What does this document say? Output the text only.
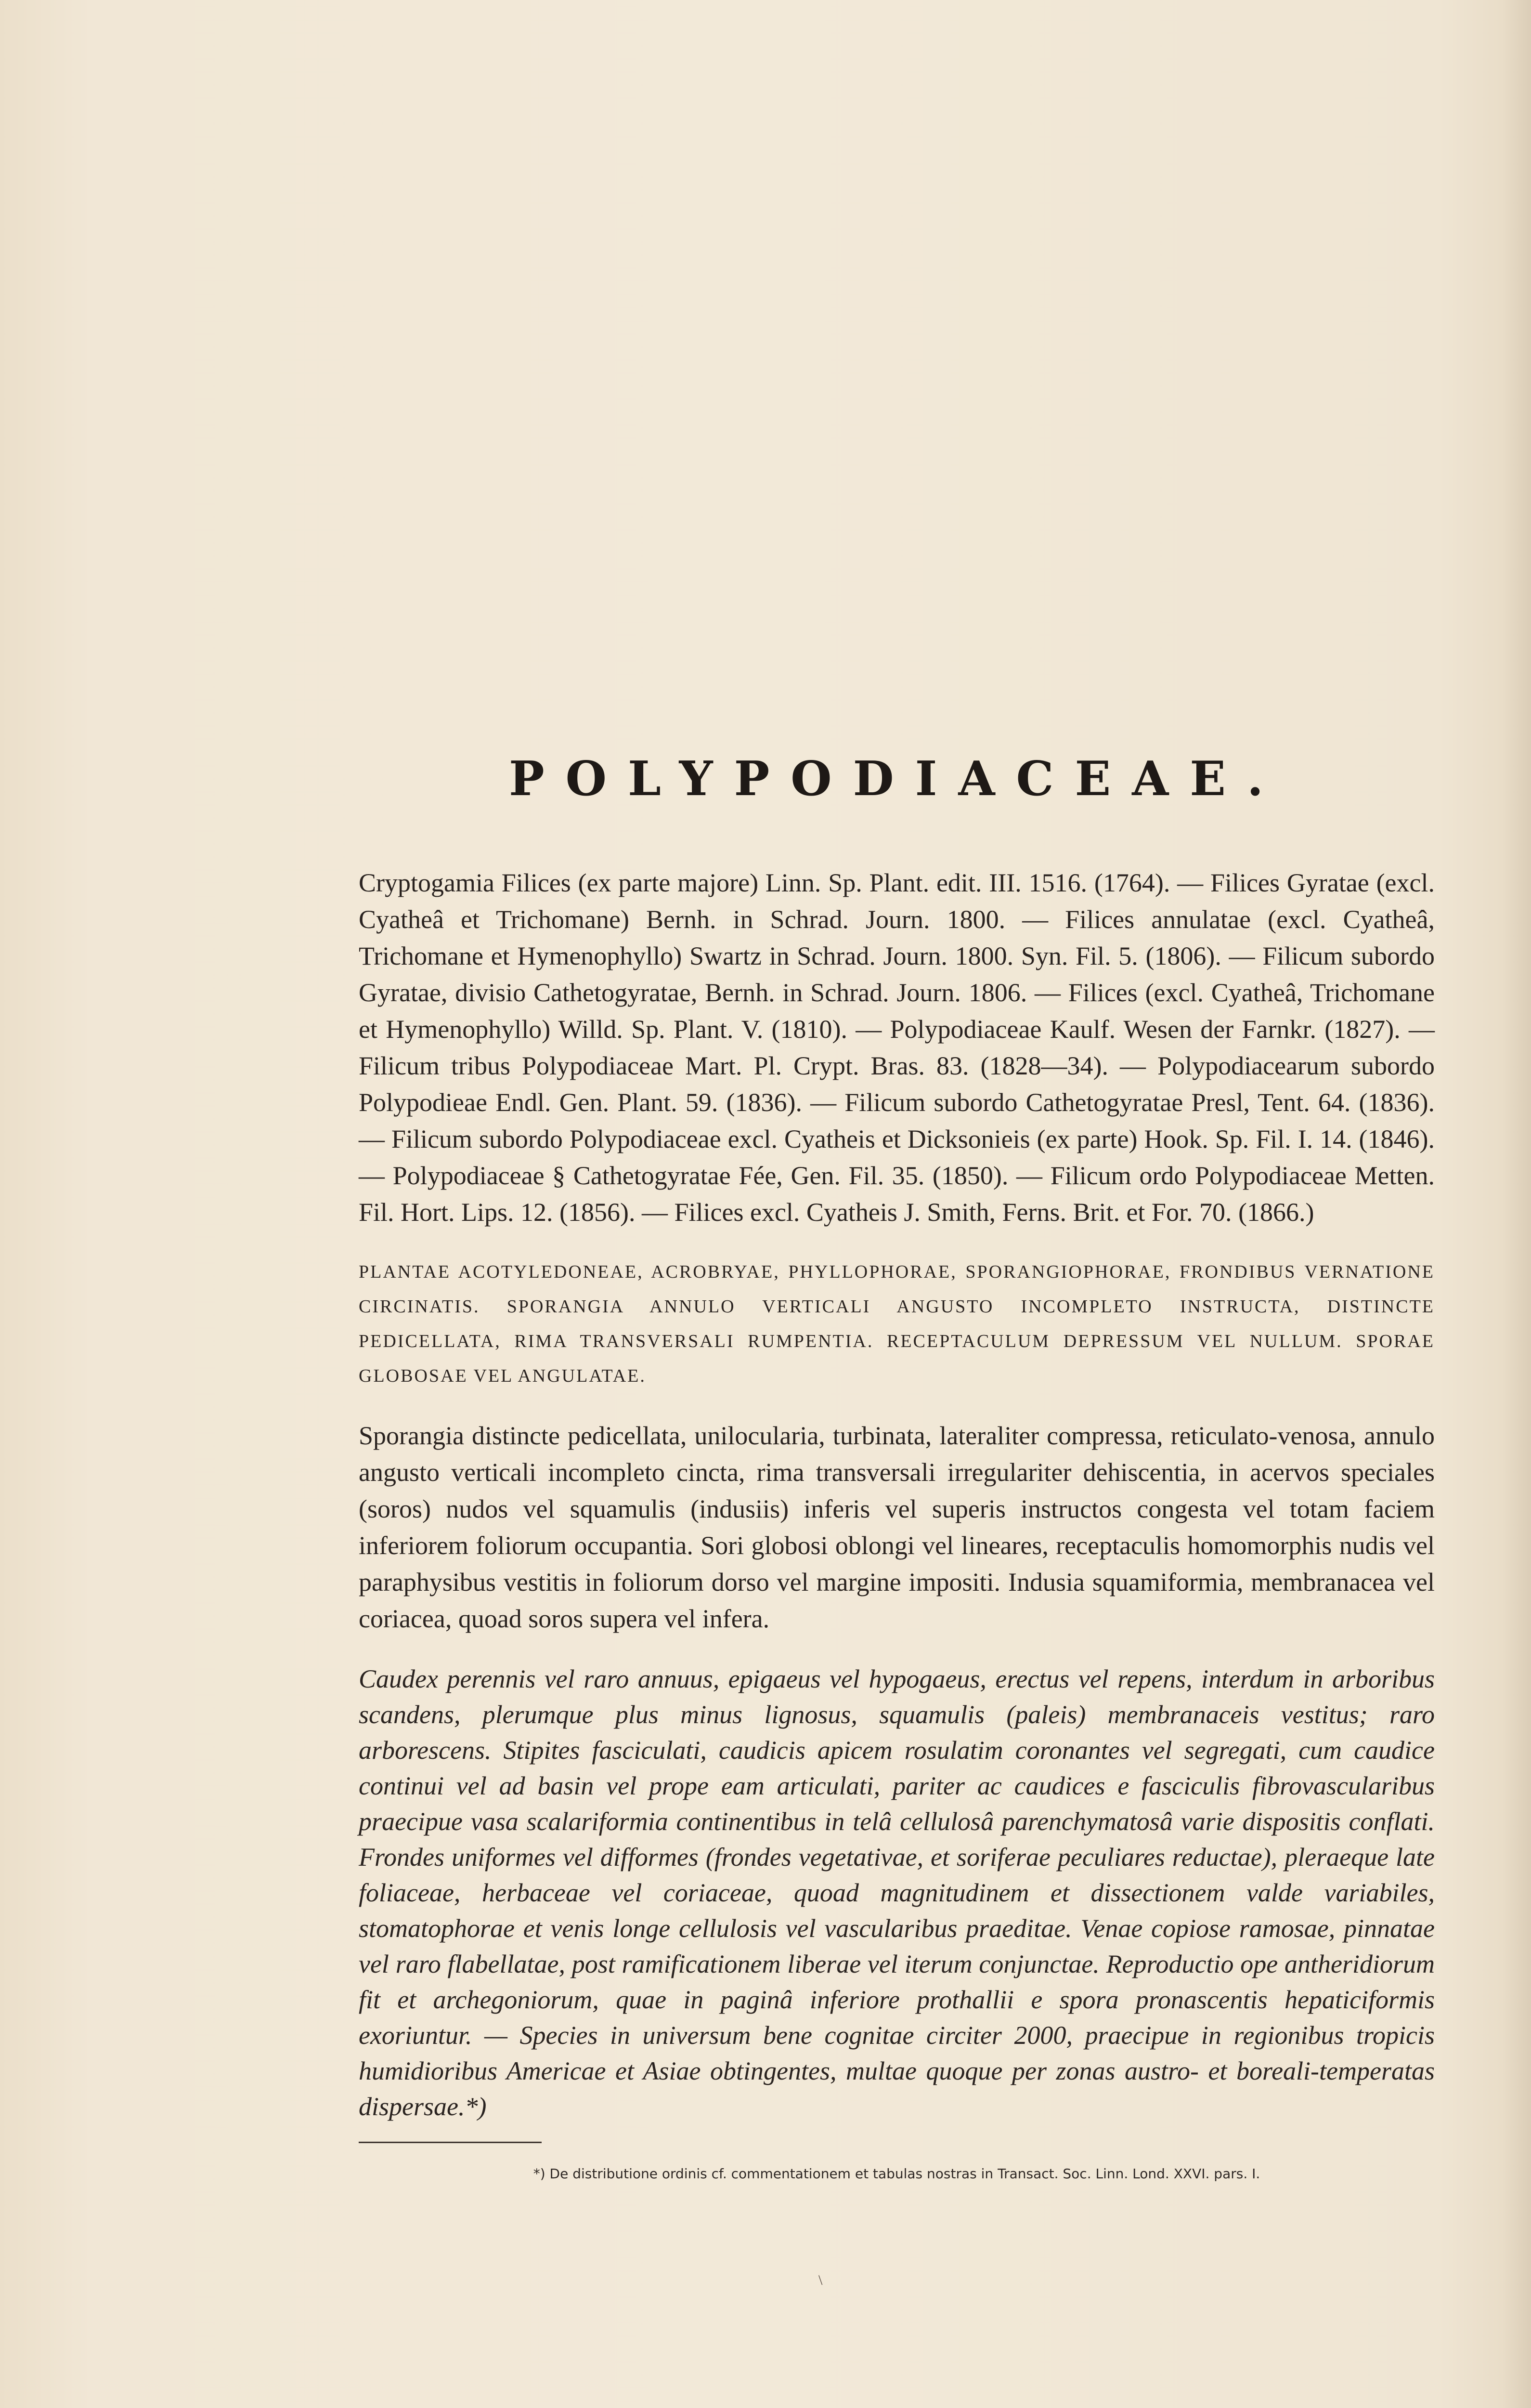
POLYPODIACEAE.

Cryptogamia Filices (ex parte majore) Linn. Sp. Plant. edit. III. 1516. (1764). — Filices Gyratae (excl. Cyatheâ et Trichomane) Bernh. in Schrad. Journ. 1800. — Filices annulatae (excl. Cyatheâ, Trichomane et Hymenophyllo) Swartz in Schrad. Journ. 1800. Syn. Fil. 5. (1806). — Filicum subordo Gyratae, divisio Cathetogyratae, Bernh. in Schrad. Journ. 1806. — Filices (excl. Cyatheâ, Trichomane et Hymenophyllo) Willd. Sp. Plant. V. (1810). — Polypodiaceae Kaulf. Wesen der Farnkr. (1827). — Filicum tribus Polypodiaceae Mart. Pl. Crypt. Bras. 83. (1828—34). — Polypodiacearum subordo Polypodieae Endl. Gen. Plant. 59. (1836). — Filicum subordo Cathetogyratae Presl, Tent. 64. (1836). — Filicum subordo Polypodiaceae excl. Cyatheis et Dicksonieis (ex parte) Hook. Sp. Fil. I. 14. (1846). — Polypodiaceae § Cathetogyratae Fée, Gen. Fil. 35. (1850). — Filicum ordo Polypodiaceae Metten. Fil. Hort. Lips. 12. (1856). — Filices excl. Cyatheis J. Smith, Ferns. Brit. et For. 70. (1866.)

PLANTAE ACOTYLEDONEAE, ACROBRYAE, PHYLLOPHORAE, SPORANGIOPHORAE, FRONDIBUS VERNATIONE CIRCINATIS. SPORANGIA ANNULO VERTICALI ANGUSTO INCOMPLETO INSTRUCTA, DISTINCTE PEDICELLATA, RIMA TRANSVERSALI RUMPENTIA. RECEPTACULUM DEPRESSUM VEL NULLUM. SPORAE GLOBOSAE VEL ANGULATAE.

Sporangia distincte pedicellata, unilocularia, turbinata, lateraliter compressa, reticulato-venosa, annulo angusto verticali incompleto cincta, rima transversali irregulariter dehiscentia, in acervos speciales (soros) nudos vel squamulis (indusiis) inferis vel superis instructos congesta vel totam faciem inferiorem foliorum occupantia. Sori globosi oblongi vel lineares, receptaculis homomorphis nudis vel paraphysibus vestitis in foliorum dorso vel margine impositi. Indusia squamiformia, membranacea vel coriacea, quoad soros supera vel infera.

Caudex perennis vel raro annuus, epigaeus vel hypogaeus, erectus vel repens, interdum in arboribus scandens, plerumque plus minus lignosus, squamulis (paleis) membranaceis vestitus; raro arborescens. Stipites fasciculati, caudicis apicem rosulatim coronantes vel segregati, cum caudice continui vel ad basin vel prope eam articulati, pariter ac caudices e fasciculis fibrovascularibus praecipue vasa scalariformia continentibus in telâ cellulosâ parenchymatosâ varie dispositis conflati. Frondes uniformes vel difformes (frondes vegetativae, et soriferae peculiares reductae), pleraeque late foliaceae, herbaceae vel coriaceae, quoad magnitudinem et dissectionem valde variabiles, stomatophorae et venis longe cellulosis vel vascularibus praeditae. Venae copiose ramosae, pinnatae vel raro flabellatae, post ramificationem liberae vel iterum conjunctae. Reproductio ope antheridiorum fit et archegoniorum, quae in paginâ inferiore prothallii e spora pronascentis hepaticiformis exoriuntur. — Species in universum bene cognitae circiter 2000, praecipue in regionibus tropicis humidioribus Americae et Asiae obtingentes, multae quoque per zonas austro- et boreali-temperatas dispersae.*)

*) De distributione ordinis cf. commentationem et tabulas nostras in Transact. Soc. Linn. Lond. XXVI. pars. I.

\
